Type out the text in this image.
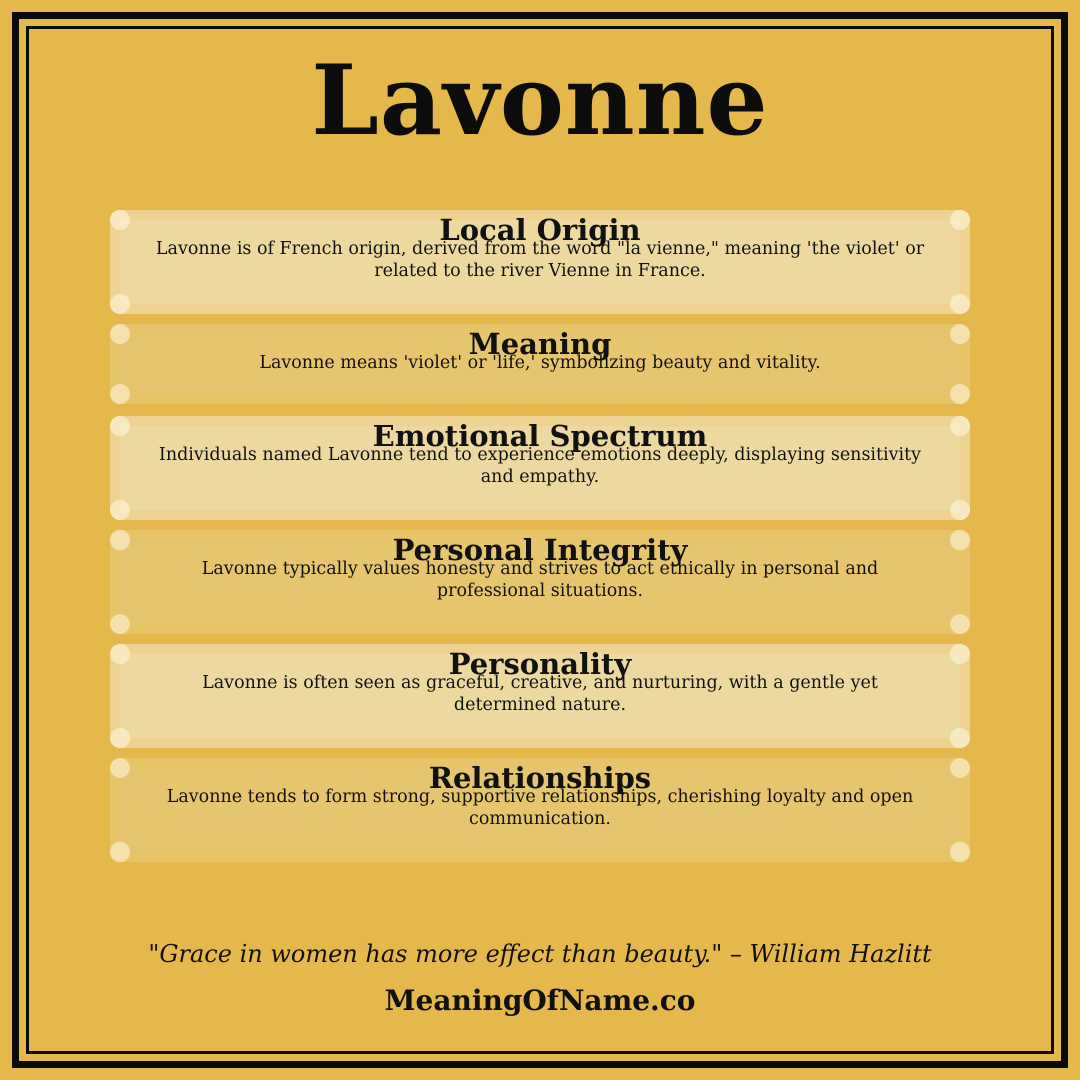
Lavonne
Local Origin
Lavonne is of French origin, derived from the word "la vienne," meaning 'the violet' or related to the river Vienne in France.
Meaning
Lavonne means 'violet' or 'life,' symbolizing beauty and vitality.
Emotional Spectrum
Individuals named Lavonne tend to experience emotions deeply, displaying sensitivity and empathy.
Personal Integrity
Lavonne typically values honesty and strives to act ethically in personal and professional situations.
Personality
Lavonne is often seen as graceful, creative, and nurturing, with a gentle yet determined nature.
Relationships
Lavonne tends to form strong, supportive relationships, cherishing loyalty and open communication.
"Grace in women has more effect than beauty." – William Hazlitt
MeaningOfName.co
